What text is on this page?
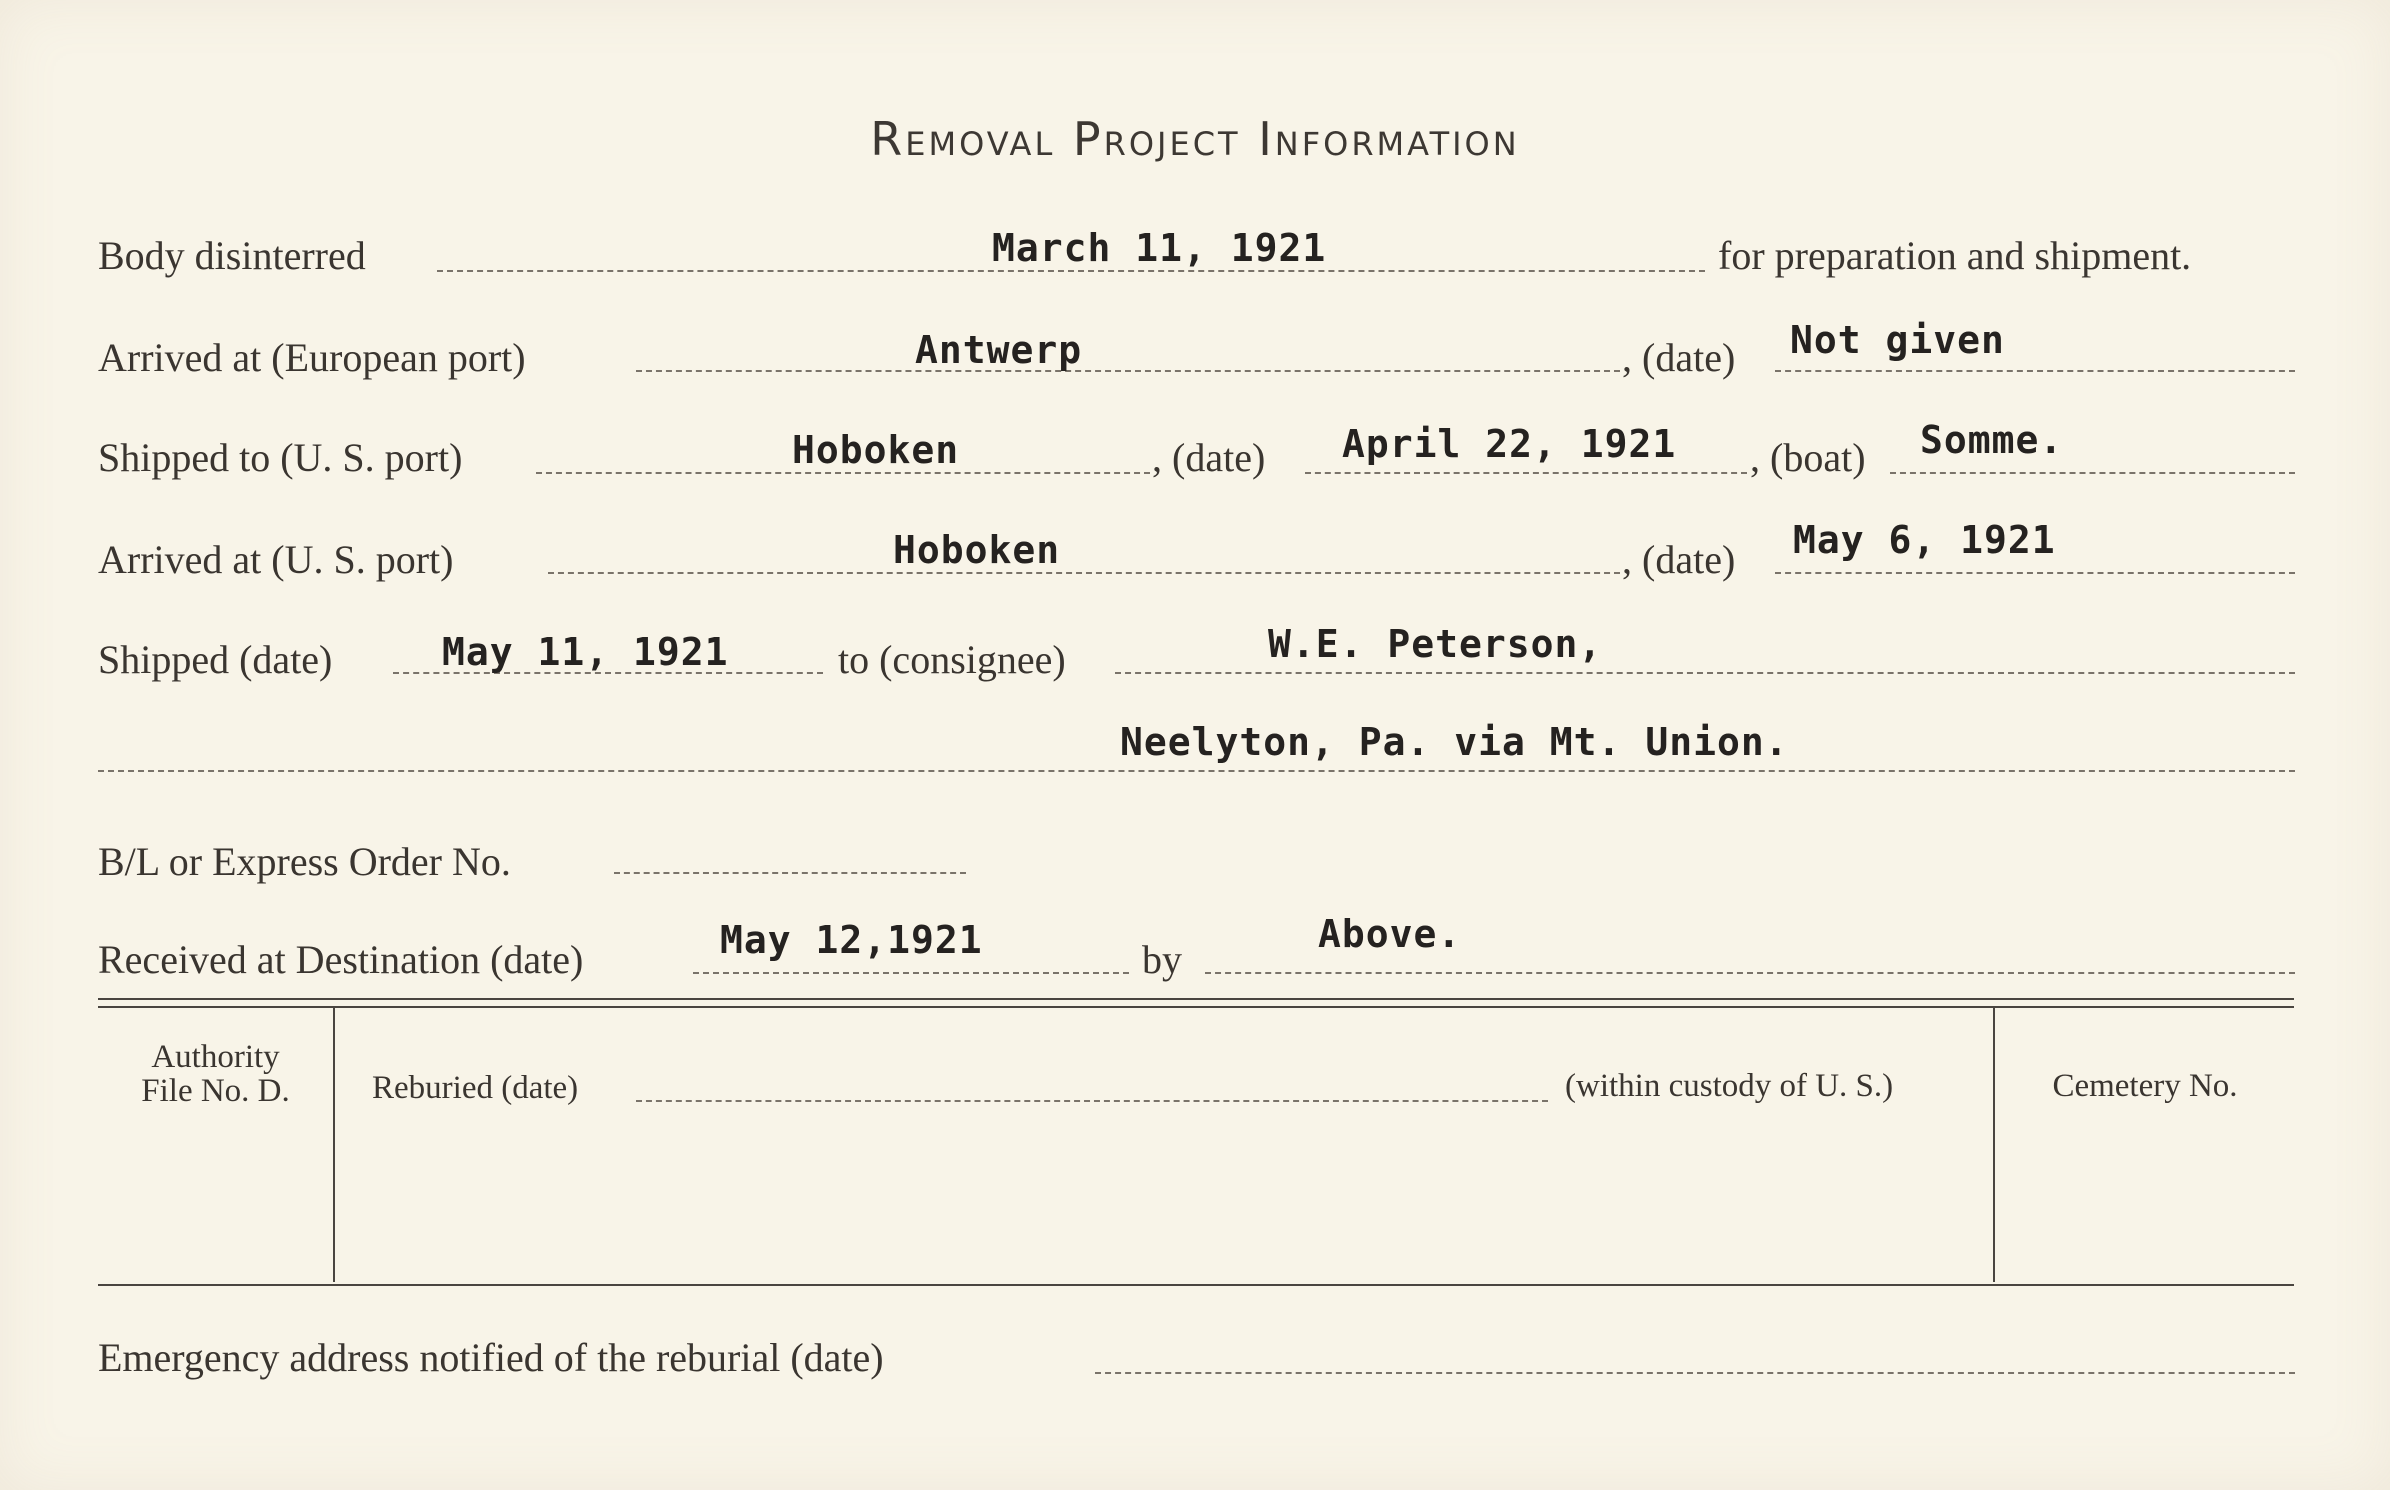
Removal Project Information
Body disinterred	March 11, 1921	for preparation and shipment.
Arrived at (European port)	Antwerp	, (date) Not given
Shipped to (U. S. port)	Hoboken	, (date) April 22, 1921 , (boat) Somme.
Arrived at (U. S. port)	Hoboken	, (date) May 6, 1921
Shipped (date)	May 11, 1921	to (consignee)	W.E. Peterson,
Neelyton, Pa. via Mt. Union.
B/L or Express Order No.
Received at Destination (date)	May 12,1921	by
Above.
Authority
File No. D.	Reburied (date)	(within custody of U. S.)	Cemetery No.
Emergency address notified of the reburial (date)
